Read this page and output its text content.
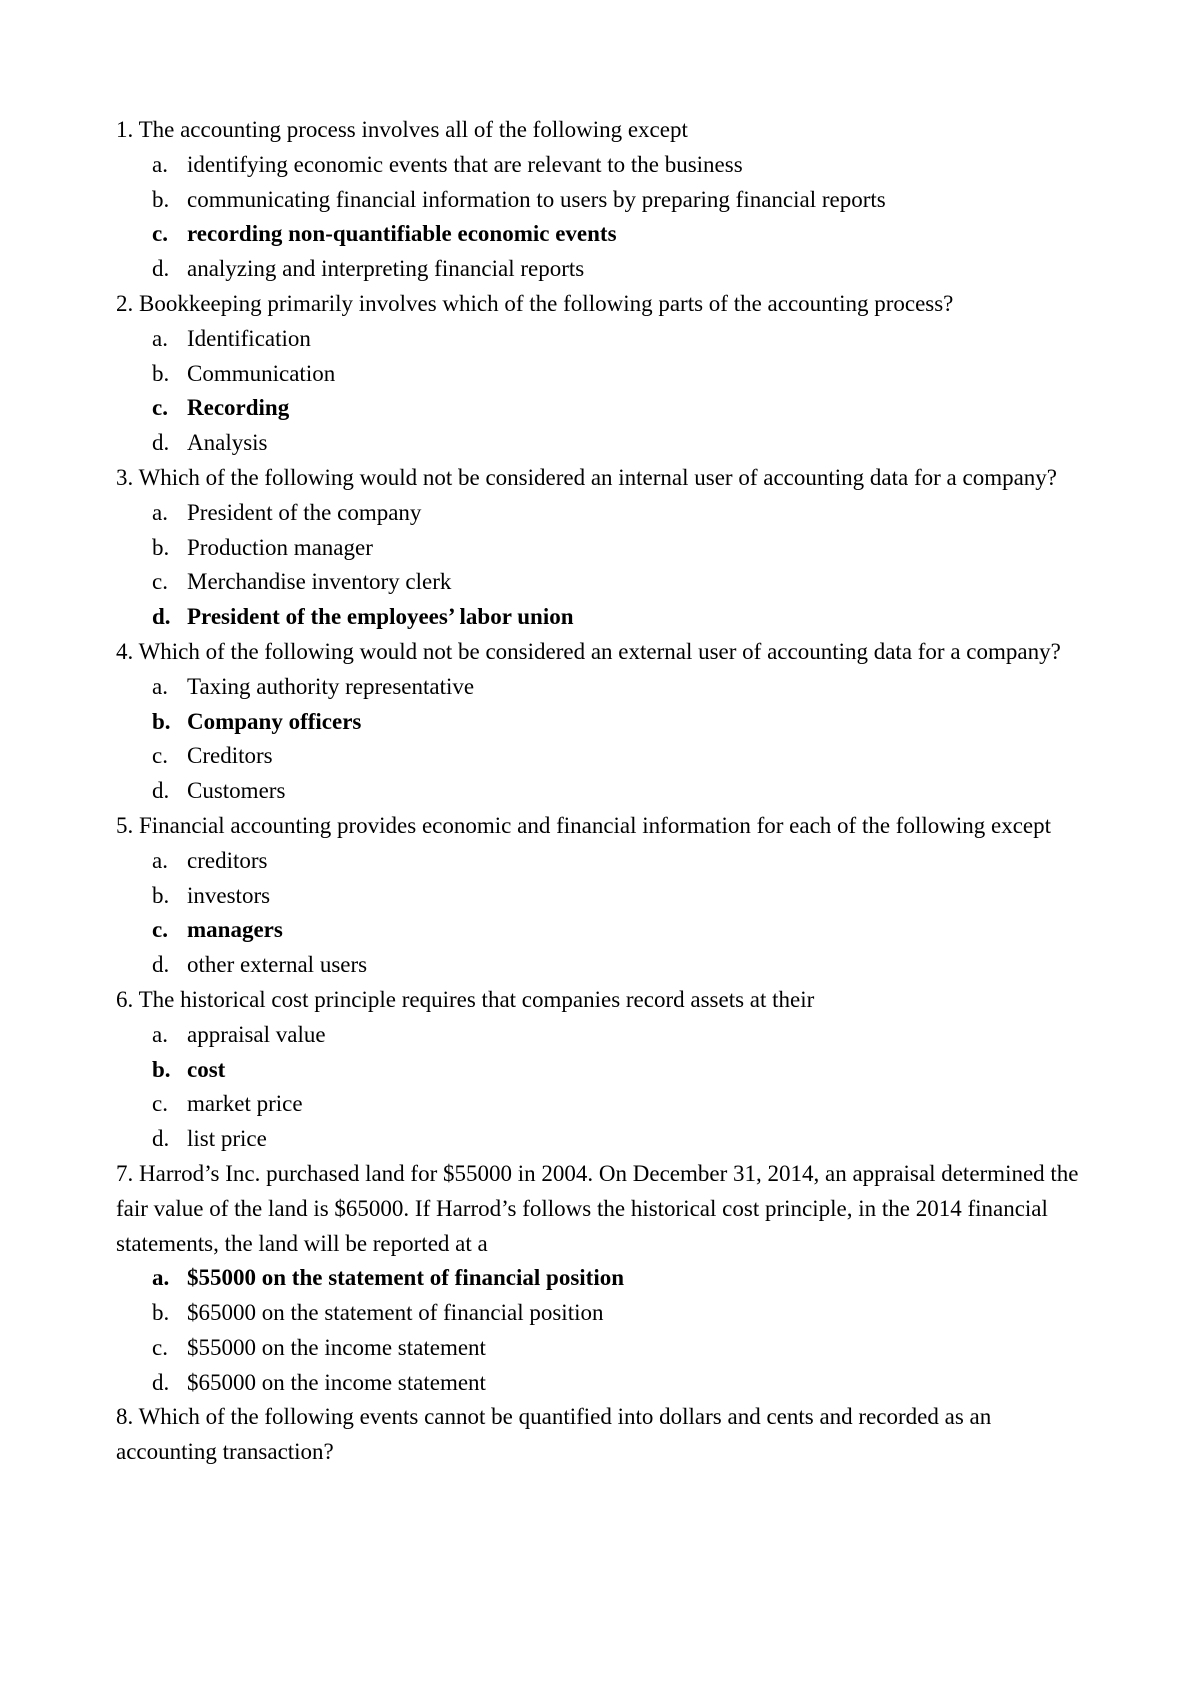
1. The accounting process involves all of the following except

a. identifying economic events that are relevant to the business
b. communicating financial information to users by preparing financial reports
c. recording non-quantifiable economic events
d. analyzing and interpreting financial reports

2. Bookkeeping primarily involves which of the following parts of the accounting process?

a. Identification
b. Communication
c. Recording
d. Analysis

3. Which of the following would not be considered an internal user of accounting data for a company?

a. President of the company
b. Production manager
c. Merchandise inventory clerk
d. President of the employees’ labor union

4. Which of the following would not be considered an external user of accounting data for a company?

a. Taxing authority representative
b. Company officers
c. Creditors
d. Customers

5. Financial accounting provides economic and financial information for each of the following except

a. creditors
b. investors
c. managers
d. other external users

6. The historical cost principle requires that companies record assets at their

a. appraisal value
b. cost
c. market price
d. list price

7. Harrod’s Inc. purchased land for $55000 in 2004. On December 31, 2014, an appraisal determined the fair value of the land is $65000. If Harrod’s follows the historical cost principle, in the 2014 financial statements, the land will be reported at a

a. $55000 on the statement of financial position
b. $65000 on the statement of financial position
c. $55000 on the income statement
d. $65000 on the income statement

8. Which of the following events cannot be quantified into dollars and cents and recorded as an accounting transaction?
